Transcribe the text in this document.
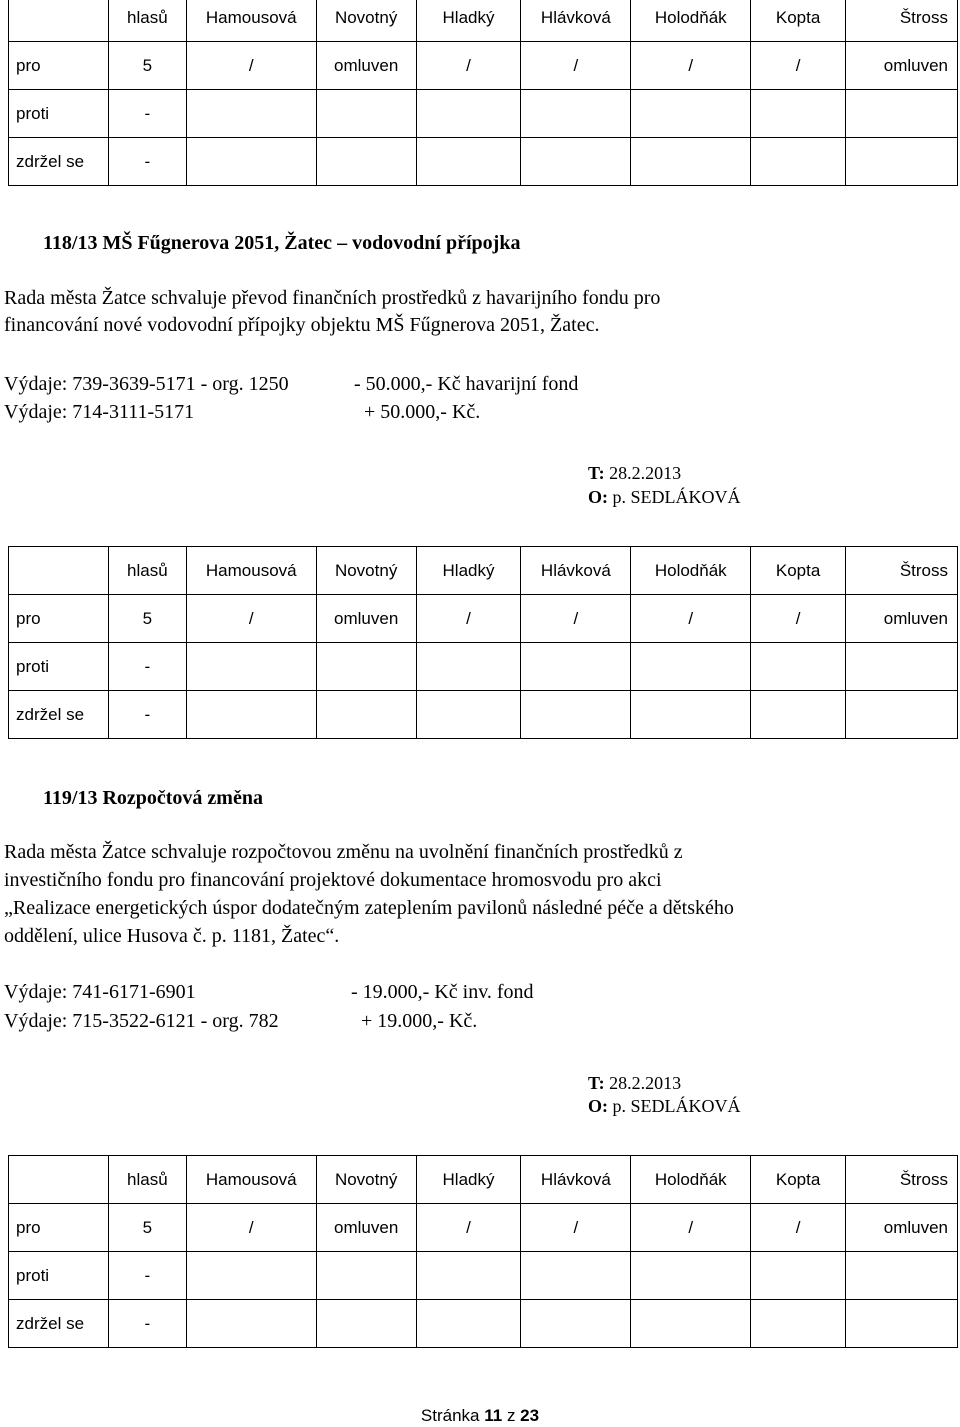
	hlasů	Hamousová	Novotný	Hladký	Hlávková	Holodňák	Kopta	Štross
pro	5	/	omluven	/	/	/	/	omluven
proti	-							
zdržel se	-							
118/13 MŠ Fűgnerova 2051, Žatec – vodovodní přípojka
Rada města Žatce schvaluje převod finančních prostředků z havarijního fondu pro
financování nové vodovodní přípojky objektu MŠ Fűgnerova 2051, Žatec.
Výdaje: 739-3639-5171 - org. 1250	- 50.000,- Kč havarijní fond
Výdaje: 714-3111-5171	+ 50.000,- Kč.
T: 28.2.2013
O: p. SEDLÁKOVÁ
	hlasů	Hamousová	Novotný	Hladký	Hlávková	Holodňák	Kopta	Štross
pro	5	/	omluven	/	/	/	/	omluven
proti	-							
zdržel se	-							
119/13 Rozpočtová změna
Rada města Žatce schvaluje rozpočtovou změnu na uvolnění finančních prostředků z
investičního fondu pro financování projektové dokumentace hromosvodu pro akci
„Realizace energetických úspor dodatečným zateplením pavilonů následné péče a dětského
oddělení, ulice Husova č. p. 1181, Žatec“.
Výdaje: 741-6171-6901	- 19.000,- Kč inv. fond
Výdaje: 715-3522-6121 - org. 782	+ 19.000,- Kč.
T: 28.2.2013
O: p. SEDLÁKOVÁ
	hlasů	Hamousová	Novotný	Hladký	Hlávková	Holodňák	Kopta	Štross
pro	5	/	omluven	/	/	/	/	omluven
proti	-							
zdržel se	-							
Stránka 11 z 23
